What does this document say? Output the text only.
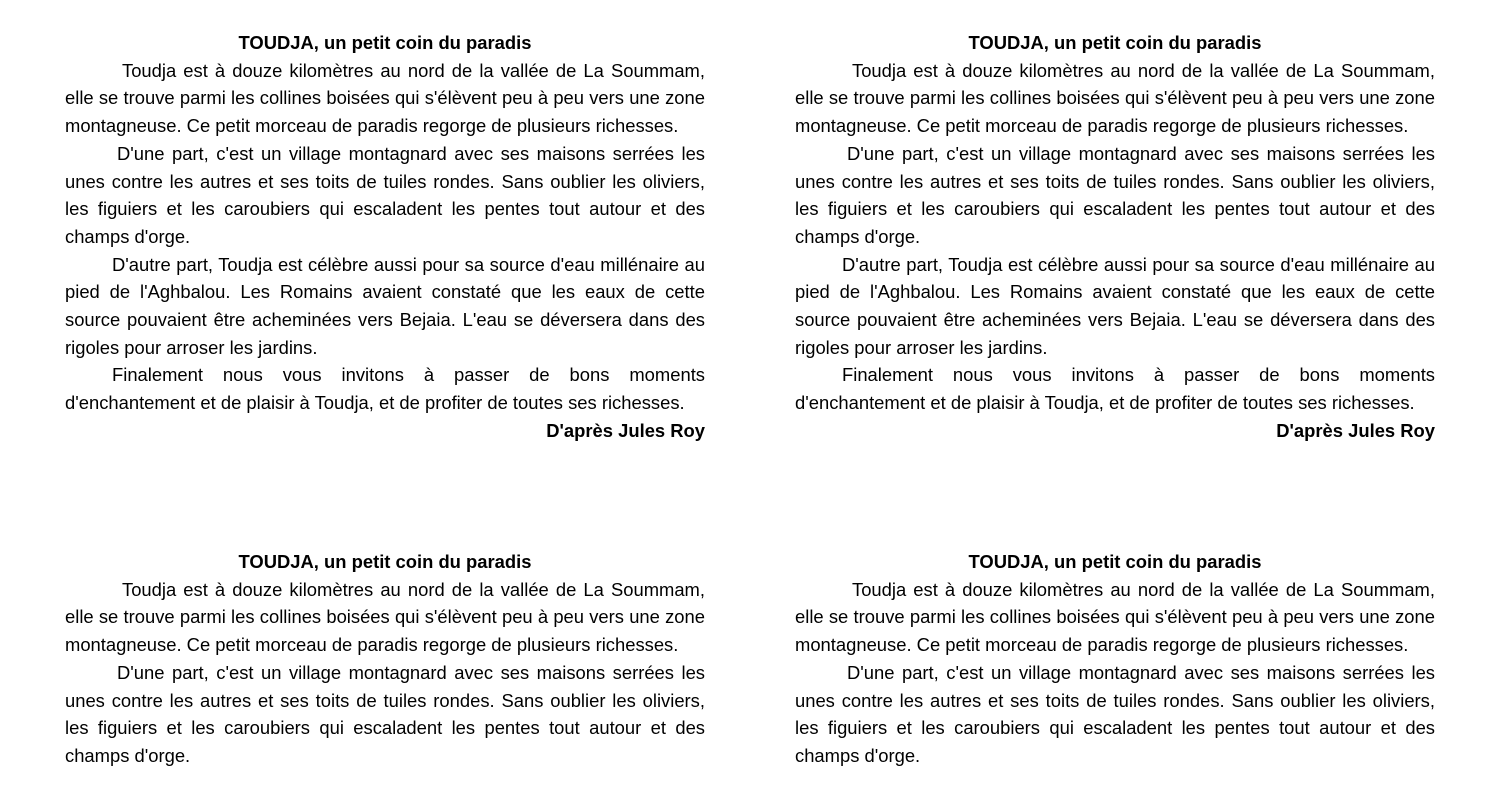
TOUDJA, un petit coin du paradis

Toudja est à douze kilomètres au nord de la vallée de La Soummam, elle se trouve parmi les collines boisées qui s'élèvent peu à peu vers une zone montagneuse. Ce petit morceau de paradis regorge de plusieurs richesses.

D'une part, c'est un village montagnard avec ses maisons serrées les unes contre les autres et ses toits de tuiles rondes. Sans oublier les oliviers, les figuiers et les caroubiers qui escaladent les pentes tout autour et des champs d'orge.

D'autre part, Toudja est célèbre aussi pour sa source d'eau millénaire au pied de l'Aghbalou. Les Romains avaient constaté que les eaux de cette source pouvaient être acheminées vers Bejaia. L'eau se déversera dans des rigoles pour arroser les jardins.

Finalement nous vous invitons à passer de bons moments d'enchantement et de plaisir à Toudja, et de profiter de toutes ses richesses.

D'après Jules Roy

TOUDJA, un petit coin du paradis

Toudja est à douze kilomètres au nord de la vallée de La Soummam, elle se trouve parmi les collines boisées qui s'élèvent peu à peu vers une zone montagneuse. Ce petit morceau de paradis regorge de plusieurs richesses.

D'une part, c'est un village montagnard avec ses maisons serrées les unes contre les autres et ses toits de tuiles rondes. Sans oublier les oliviers, les figuiers et les caroubiers qui escaladent les pentes tout autour et des champs d'orge.

D'autre part, Toudja est célèbre aussi pour sa source d'eau millénaire au pied de l'Aghbalou. Les Romains avaient constaté que les eaux de cette source pouvaient être acheminées vers Bejaia. L'eau se déversera dans des rigoles pour arroser les jardins.

Finalement nous vous invitons à passer de bons moments d'enchantement et de plaisir à Toudja, et de profiter de toutes ses richesses.

D'après Jules Roy

TOUDJA, un petit coin du paradis

Toudja est à douze kilomètres au nord de la vallée de La Soummam, elle se trouve parmi les collines boisées qui s'élèvent peu à peu vers une zone montagneuse. Ce petit morceau de paradis regorge de plusieurs richesses.

D'une part, c'est un village montagnard avec ses maisons serrées les unes contre les autres et ses toits de tuiles rondes. Sans oublier les oliviers, les figuiers et les caroubiers qui escaladent les pentes tout autour et des champs d'orge.

TOUDJA, un petit coin du paradis

Toudja est à douze kilomètres au nord de la vallée de La Soummam, elle se trouve parmi les collines boisées qui s'élèvent peu à peu vers une zone montagneuse. Ce petit morceau de paradis regorge de plusieurs richesses.

D'une part, c'est un village montagnard avec ses maisons serrées les unes contre les autres et ses toits de tuiles rondes. Sans oublier les oliviers, les figuiers et les caroubiers qui escaladent les pentes tout autour et des champs d'orge.
